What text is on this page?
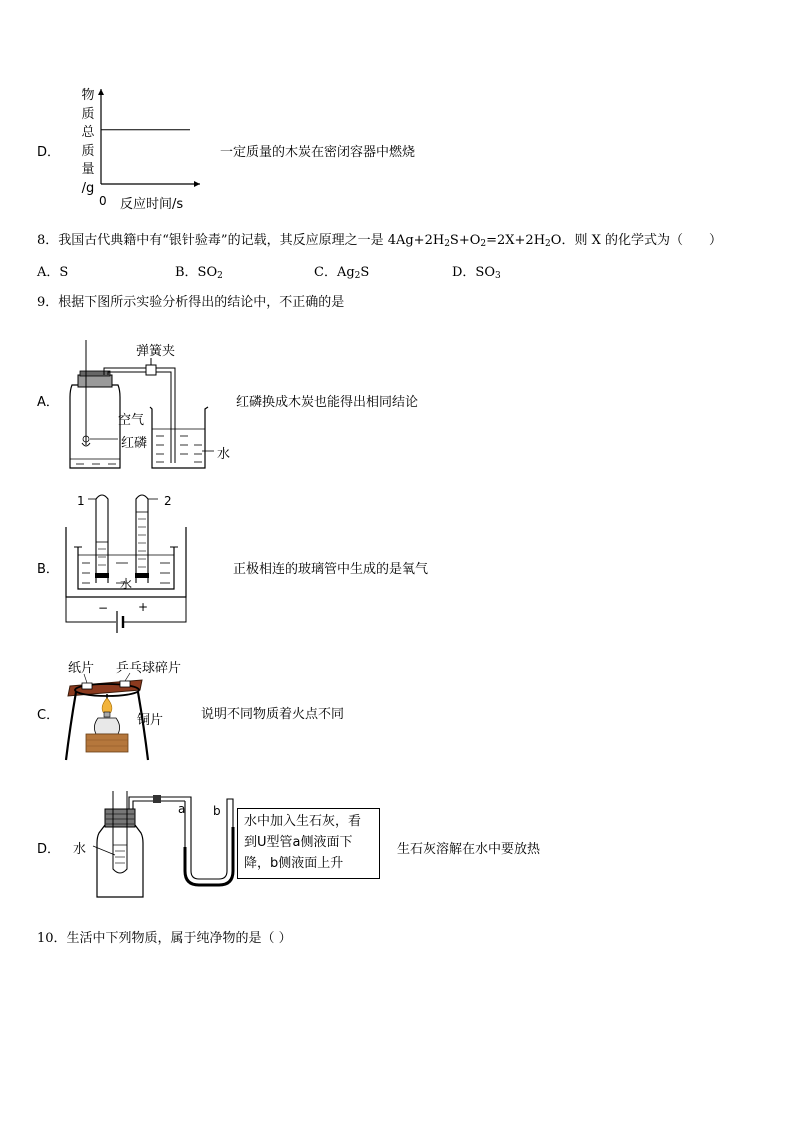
D．
物
质
总
质
量
/g
0 反应时间/s
一定质量的木炭在密闭容器中燃烧
8．我国古代典籍中有“银针验毒”的记载，其反应原理之一是 $4Ag+2H_2S+O_2=2X+2H_2O$．则 X 的化学式为（　　）
A．S	B．$SO_2$	C．$Ag_2S$	D．$SO_3$
9．根据下图所示实验分析得出的结论中，不正确的是
A．
弹簧夹
空气
红磷
水
红磷换成木炭也能得出相同结论
B．
1	2
水
− +
正极相连的玻璃管中生成的是氧气
C．
纸片 乒乓球碎片
铜片	说明不同物质着火点不同
D． 水
a b
水中加入生石灰，看
到U型管a侧液面下
降，b侧液面上升
生石灰溶解在水中要放热
10．生活中下列物质，属于纯净物的是（ ）
